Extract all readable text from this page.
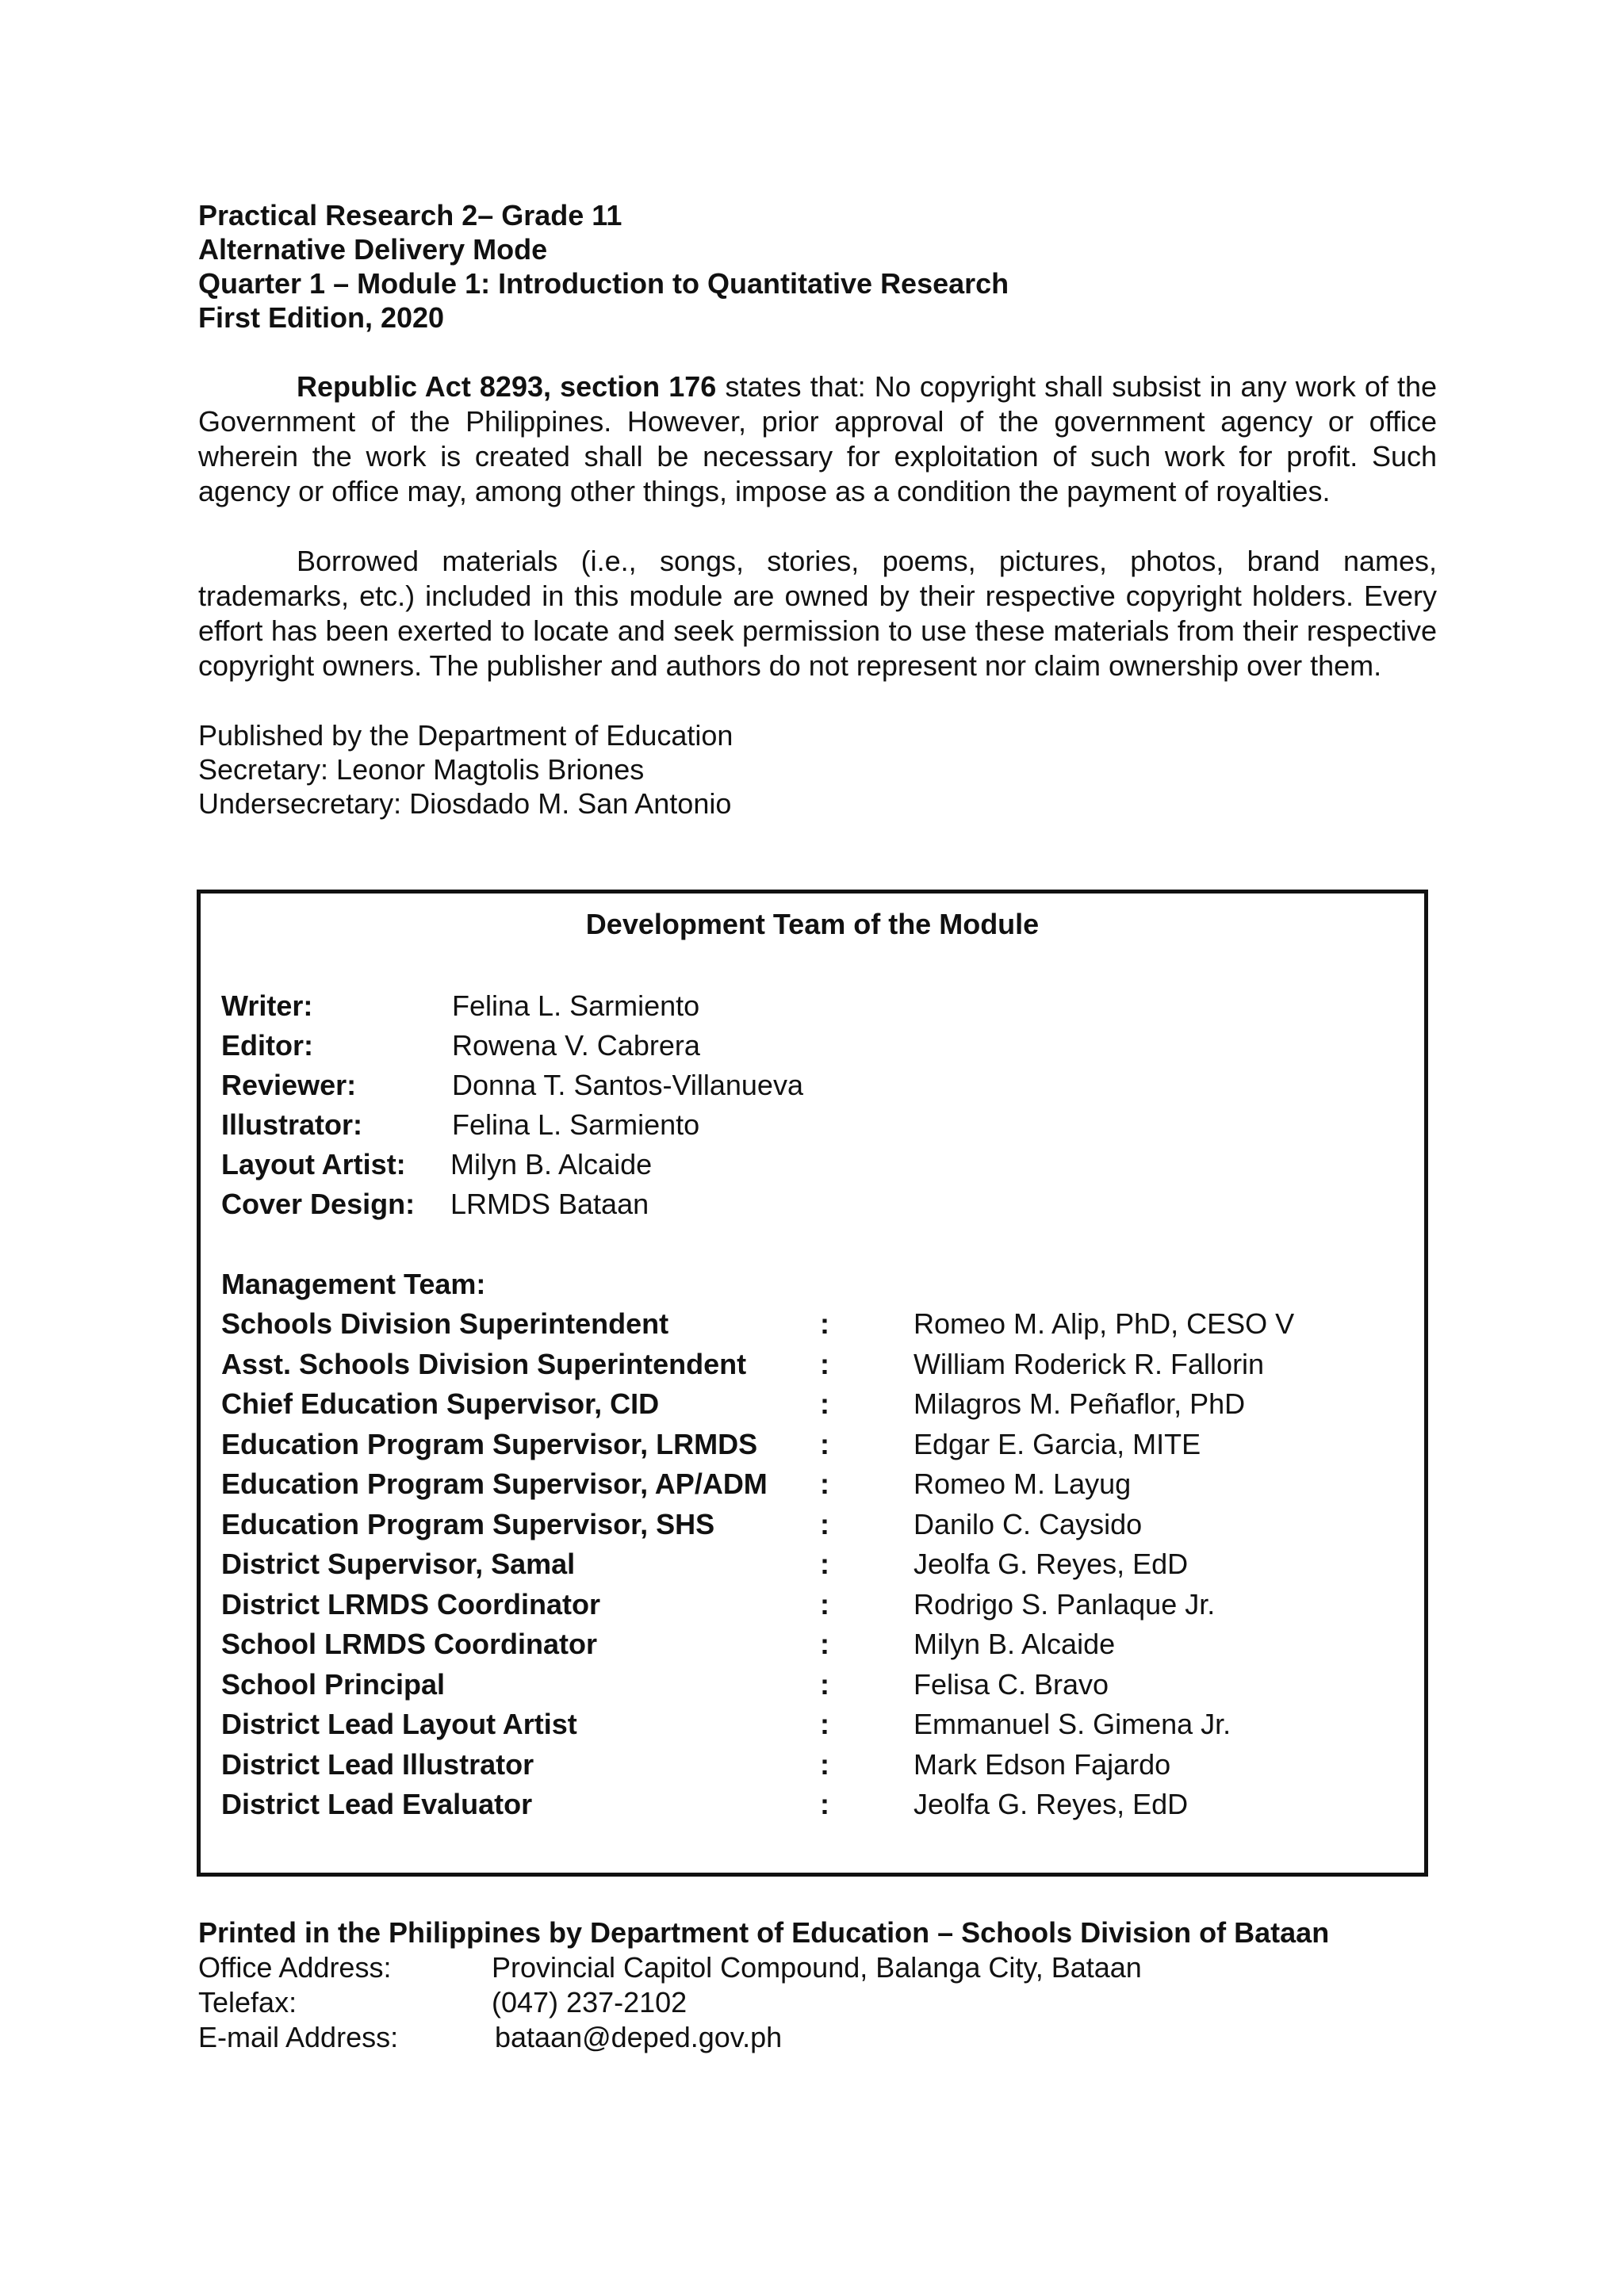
Practical Research 2– Grade 11
Alternative Delivery Mode
Quarter 1 – Module 1: Introduction to Quantitative Research
First Edition, 2020

Republic Act 8293, section 176 states that: No copyright shall subsist in any work of the Government of the Philippines. However, prior approval of the government agency or office wherein the work is created shall be necessary for exploitation of such work for profit. Such agency or office may, among other things, impose as a condition the payment of royalties.

Borrowed materials (i.e., songs, stories, poems, pictures, photos, brand names, trademarks, etc.) included in this module are owned by their respective copyright holders. Every effort has been exerted to locate and seek permission to use these materials from their respective copyright owners. The publisher and authors do not represent nor claim ownership over them.

Published by the Department of Education
Secretary: Leonor Magtolis Briones
Undersecretary: Diosdado M. San Antonio
Development Team of the Module
Writer:	Felina L. Sarmiento
Editor:	Rowena V. Cabrera
Reviewer:	Donna T. Santos-Villanueva
Illustrator:	Felina L. Sarmiento
Layout Artist:	Milyn B. Alcaide
Cover Design:	LRMDS Bataan
Management Team:
Schools Division Superintendent	:	Romeo M. Alip, PhD, CESO V
Asst. Schools Division Superintendent	:	William Roderick R. Fallorin
Chief Education Supervisor, CID	:	Milagros M. Peñaflor, PhD
Education Program Supervisor, LRMDS	:	Edgar E. Garcia, MITE
Education Program Supervisor, AP/ADM	:	Romeo M. Layug
Education Program Supervisor, SHS	:	Danilo C. Caysido
District Supervisor, Samal	:	Jeolfa G. Reyes, EdD
District LRMDS Coordinator	:	Rodrigo S. Panlaque Jr.
School LRMDS Coordinator	:	Milyn B. Alcaide
School Principal	:	Felisa C. Bravo
District Lead Layout Artist	:	Emmanuel S. Gimena Jr.
District Lead Illustrator	:	Mark Edson Fajardo
District Lead Evaluator	:	Jeolfa G. Reyes, EdD
Printed in the Philippines by Department of Education – Schools Division of Bataan
Office Address:	Provincial Capitol Compound, Balanga City, Bataan
Telefax:	(047) 237-2102
E-mail Address:	bataan@deped.gov.ph
